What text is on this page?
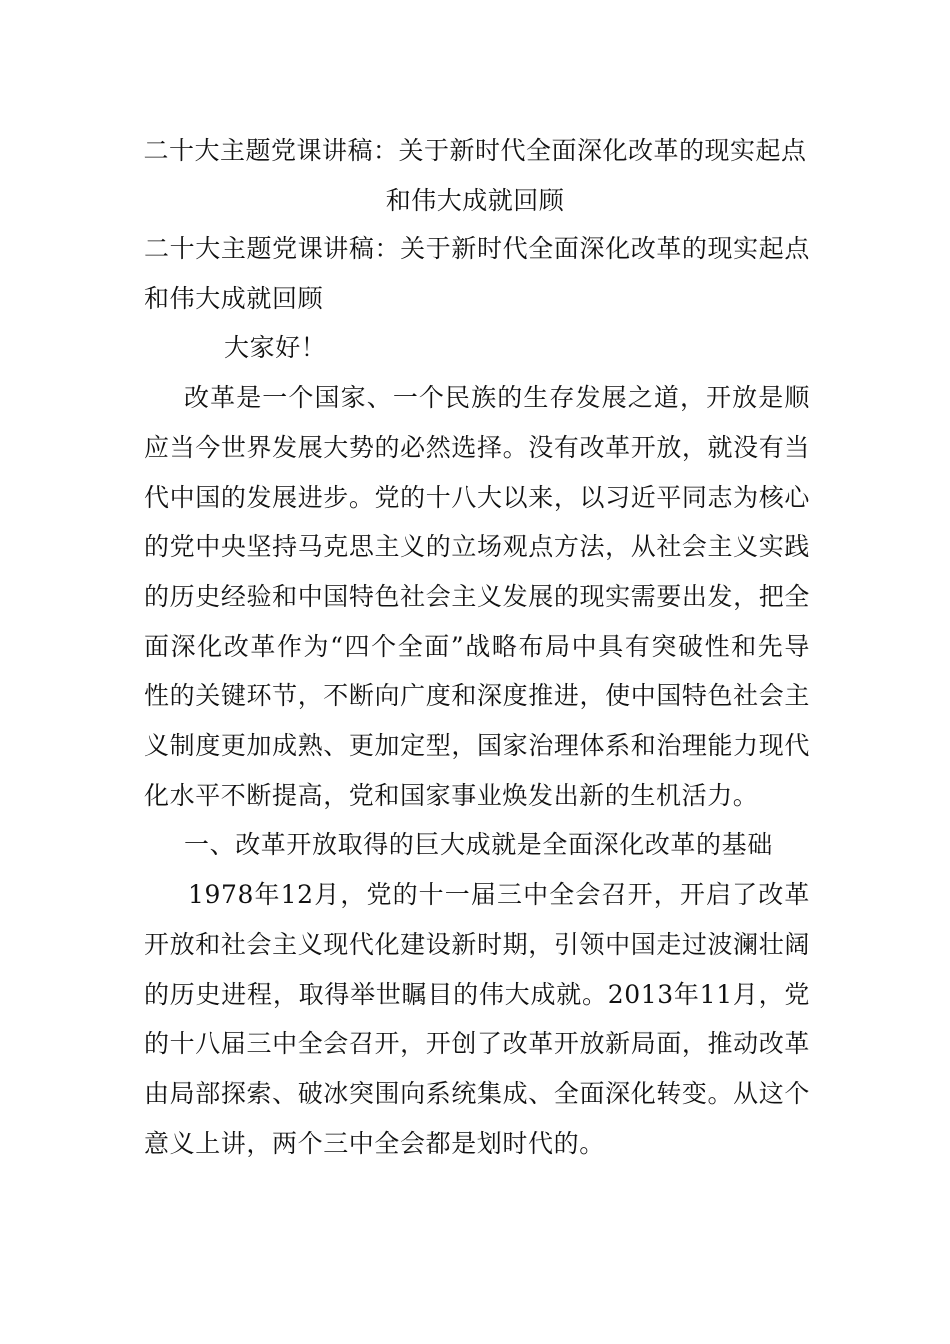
二十大主题党课讲稿：关于新时代全面深化改革的现实起点和伟大成就回顾

二十大主题党课讲稿：关于新时代全面深化改革的现实起点和伟大成就回顾

大家好！

改革是一个国家、一个民族的生存发展之道，开放是顺应当今世界发展大势的必然选择。没有改革开放，就没有当代中国的发展进步。党的十八大以来，以习近平同志为核心的党中央坚持马克思主义的立场观点方法，从社会主义实践的历史经验和中国特色社会主义发展的现实需要出发，把全面深化改革作为“四个全面”战略布局中具有突破性和先导性的关键环节，不断向广度和深度推进，使中国特色社会主义制度更加成熟、更加定型，国家治理体系和治理能力现代化水平不断提高，党和国家事业焕发出新的生机活力。

一、改革开放取得的巨大成就是全面深化改革的基础

1978年12月，党的十一届三中全会召开，开启了改革开放和社会主义现代化建设新时期，引领中国走过波澜壮阔的历史进程，取得举世瞩目的伟大成就。2013年11月，党的十八届三中全会召开，开创了改革开放新局面，推动改革由局部探索、破冰突围向系统集成、全面深化转变。从这个意义上讲，两个三中全会都是划时代的。
